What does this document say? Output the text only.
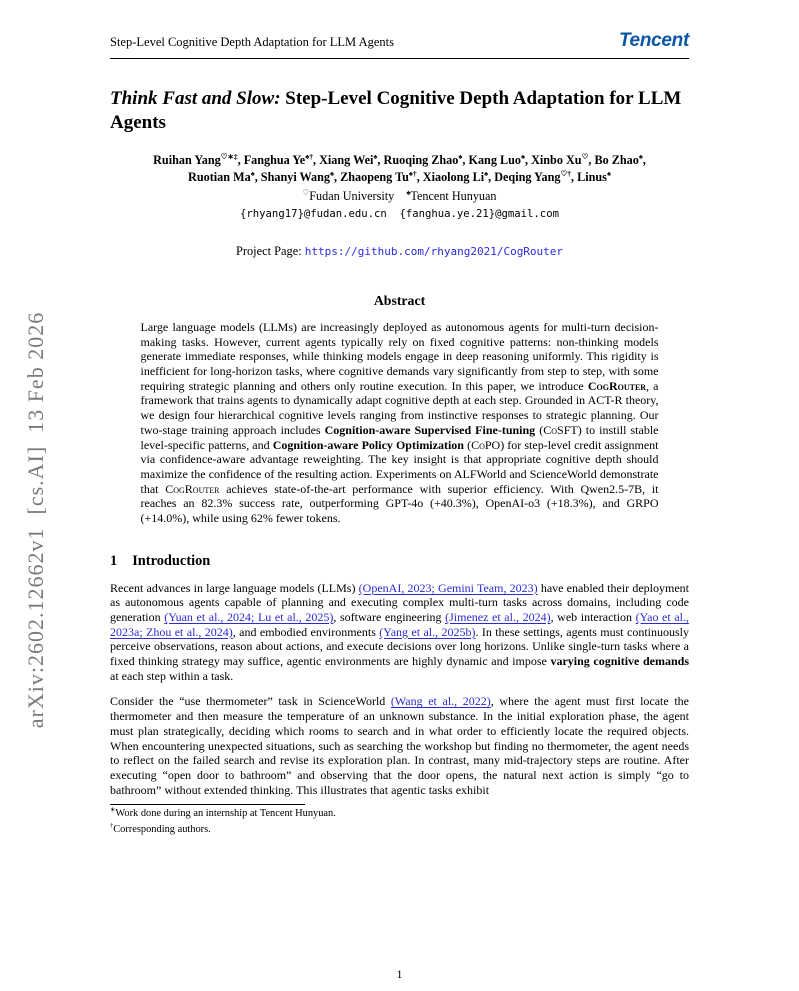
arXiv:2602.12662v1  [cs.AI]  13 Feb 2026
Step-Level Cognitive Depth Adaptation for LLM Agents	Tencent
Think Fast and Slow: Step-Level Cognitive Depth Adaptation for LLM Agents
Ruihan Yang♡∗‡, Fanghua Ye♠†, Xiang Wei♠, Ruoqing Zhao♠, Kang Luo♠, Xinbo Xu♡, Bo Zhao♠,
Ruotian Ma♠, Shanyi Wang♠, Zhaopeng Tu♠†, Xiaolong Li♠, Deqing Yang♡†, Linus♠
♡Fudan University ♠Tencent Hunyuan
{rhyang17}@fudan.edu.cn  {fanghua.ye.21}@gmail.com
Project Page: https://github.com/rhyang2021/CogRouter
Abstract
Large language models (LLMs) are increasingly deployed as autonomous agents for multi-turn decision-making tasks. However, current agents typically rely on fixed cognitive patterns: non-thinking models generate immediate responses, while thinking models engage in deep reasoning uniformly. This rigidity is inefficient for long-horizon tasks, where cognitive demands vary significantly from step to step, with some requiring strategic planning and others only routine execution. In this paper, we introduce CogRouter, a framework that trains agents to dynamically adapt cognitive depth at each step. Grounded in ACT-R theory, we design four hierarchical cognitive levels ranging from instinctive responses to strategic planning. Our two-stage training approach includes Cognition-aware Supervised Fine-tuning (CoSFT) to instill stable level-specific patterns, and Cognition-aware Policy Optimization (CoPO) for step-level credit assignment via confidence-aware advantage reweighting. The key insight is that appropriate cognitive depth should maximize the confidence of the resulting action. Experiments on ALFWorld and ScienceWorld demonstrate that CogRouter achieves state-of-the-art performance with superior efficiency. With Qwen2.5-7B, it reaches an 82.3% success rate, outperforming GPT-4o (+40.3%), OpenAI-o3 (+18.3%), and GRPO (+14.0%), while using 62% fewer tokens.
1 Introduction

Recent advances in large language models (LLMs) (OpenAI, 2023; Gemini Team, 2023) have enabled their deployment as autonomous agents capable of planning and executing complex multi-turn tasks across domains, including code generation (Yuan et al., 2024; Lu et al., 2025), software engineering (Jimenez et al., 2024), web interaction (Yao et al., 2023a; Zhou et al., 2024), and embodied environments (Yang et al., 2025b). In these settings, agents must continuously perceive observations, reason about actions, and execute decisions over long horizons. Unlike single-turn tasks where a fixed thinking strategy may suffice, agentic environments are highly dynamic and impose varying cognitive demands at each step within a task.

Consider the “use thermometer” task in ScienceWorld (Wang et al., 2022), where the agent must first locate the thermometer and then measure the temperature of an unknown substance. In the initial exploration phase, the agent must plan strategically, deciding which rooms to search and in what order to efficiently locate the required objects. When encountering unexpected situations, such as searching the workshop but finding no thermometer, the agent needs to reflect on the failed search and revise its exploration plan. In contrast, many mid-trajectory steps are routine. After executing “open door to bathroom” and observing that the door opens, the natural next action is simply “go to bathroom” without extended thinking. This illustrates that agentic tasks exhibit

∗Work done during an internship at Tencent Hunyuan.
†Corresponding authors.
1
